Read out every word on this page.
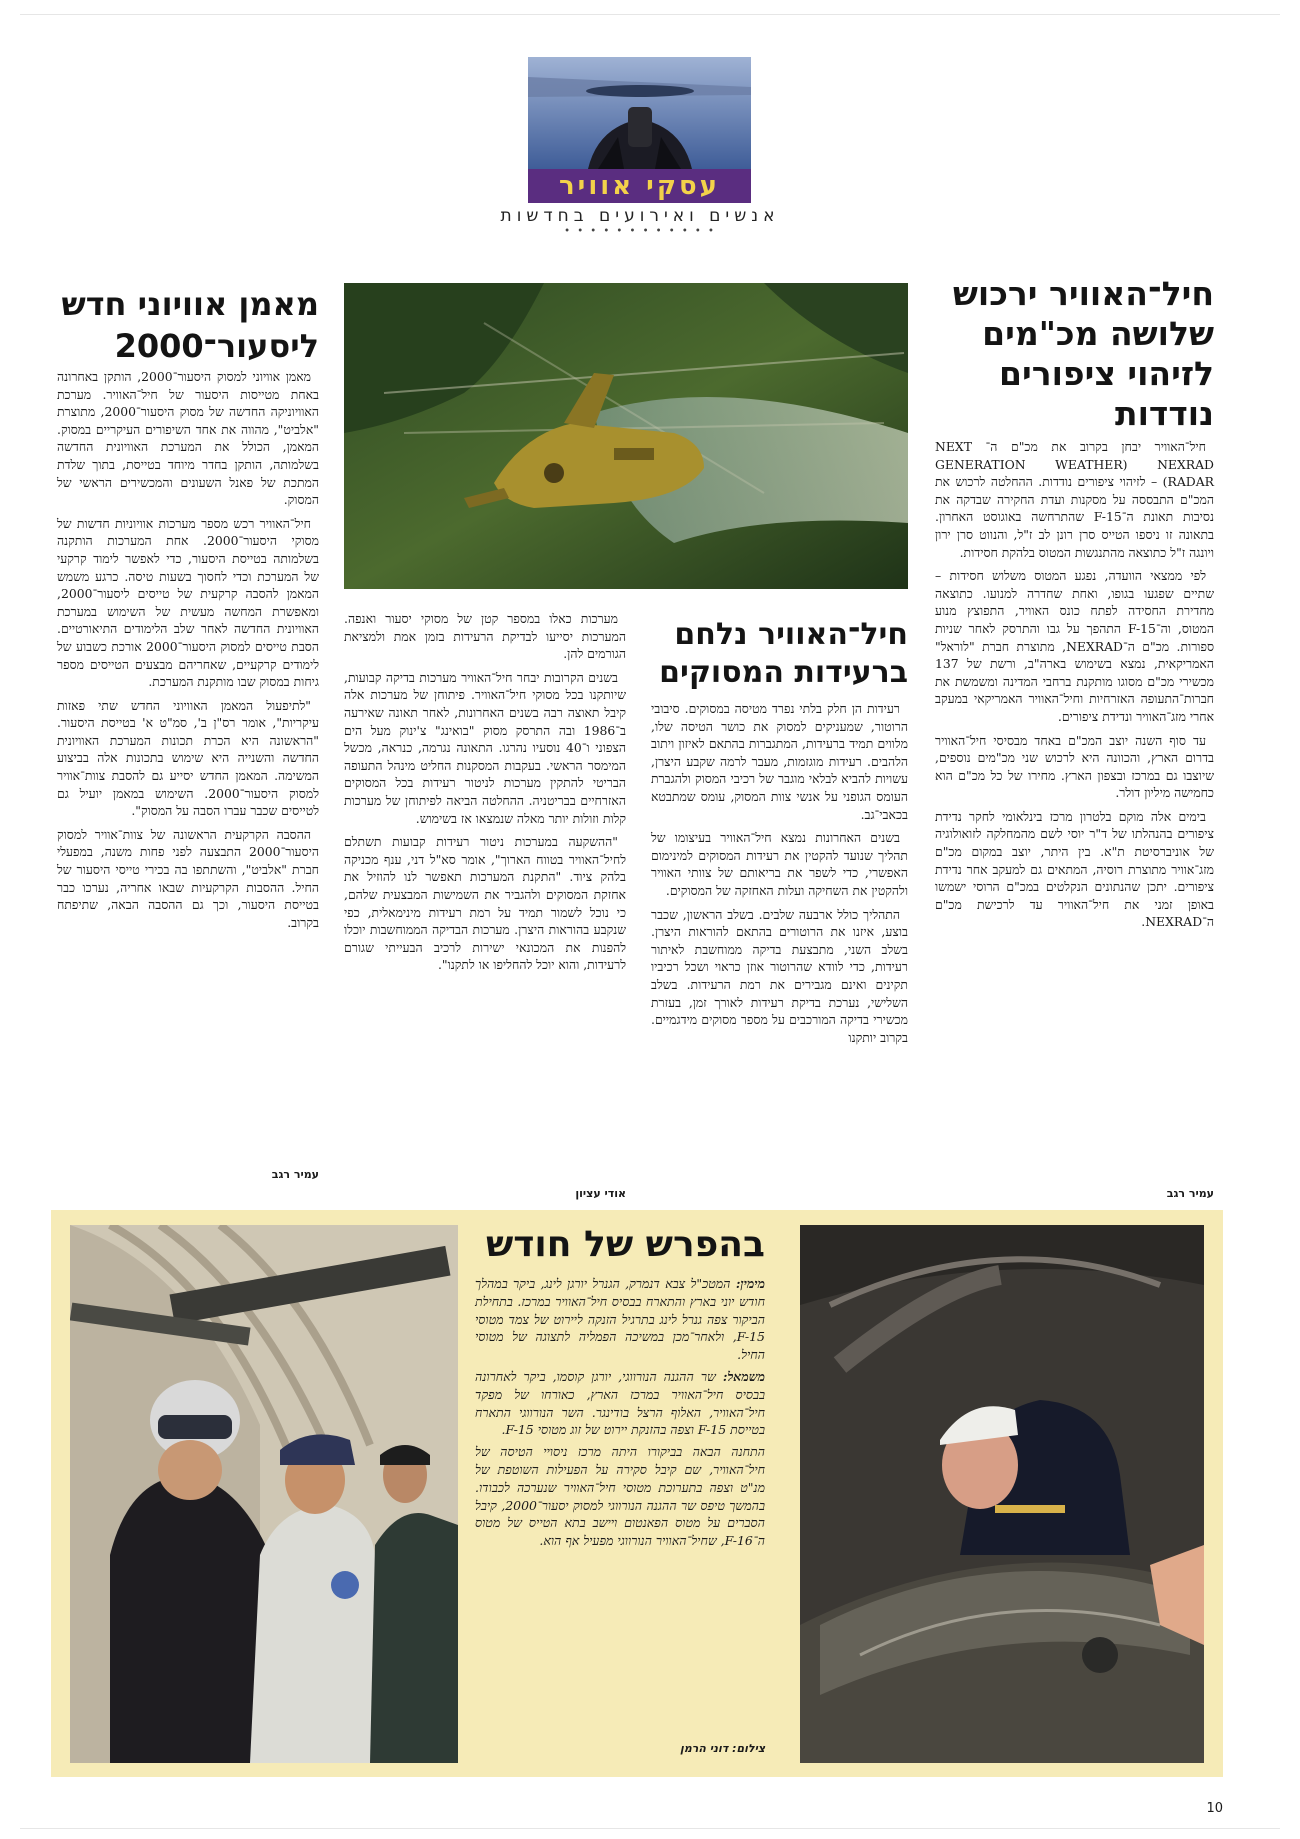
עסקי אוויר
אנשים ואירועים בחדשות
• • • • • • • • • • • •
חיל־האוויר ירכוש שלושה מכ"מים לזיהוי ציפורים נודדות

חיל־האוויר יבחן בקרוב את מכ"ם ה־ NEXT GENERATION WEATHER) NEXRAD RADAR) – לזיהוי ציפורים נודדות. ההחלטה לרכוש את המכ"ם התבססה על מסקנות ועדת החקירה שבדקה את נסיבות תאונת ה־F-15 שהתרחשה באוגוסט האחרון. בתאונה זו ניספו הטייס סרן רונן לב ז"ל, והנווט סרן ירון ויונגה ז"ל כתוצאה מהתנגשות המטוס בלהקת חסידות.

לפי ממצאי הוועדה, נפגע המטוס משלוש חסידות – שתיים שפגעו בגופו, ואחת שחדרה למנועו. כתוצאה מחדירת החסידה לפתח כונס האוויר, התפוצץ מנוע המטוס, וה־F-15 התהפך על גבו והתרסק לאחר שניות ספורות. מכ"ם ה־NEXRAD, מתוצרת חברת "לוראל" האמריקאית, נמצא בשימוש בארה"ב, ורשת של 137 מכשירי מכ"ם מסוגו מותקנת ברחבי המדינה ומשמשת את חברות־התעופה האזרחיות וחיל־האוויר האמריקאי במעקב אחרי מזג־האוויר ונדידת ציפורים.

עד סוף השנה יוצב המכ"ם באחד מבסיסי חיל־האוויר בדרום הארץ, והכוונה היא לרכוש שני מכ"מים נוספים, שיוצבו גם במרכז ובצפון הארץ. מחירו של כל מכ"ם הוא כחמישה מיליון דולר.

בימים אלה מוקם בלטרון מרכז בינלאומי לחקר נדידת ציפורים בהנהלתו של ד"ר יוסי לשם מהמחלקה לזואולוגיה של אוניברסיטת ת"א. בין היתר, יוצב במקום מכ"ם מזג־אוויר מתוצרת רוסיה, המתאים גם למעקב אחר נדידת ציפורים. יתכן שהנתונים הנקלטים במכ"ם הרוסי ישמשו באופן זמני את חיל־האוויר עד לרכישת מכ"ם ה־NEXRAD.

עמיר רגב
חיל־האוויר נלחם ברעידות המסוקים

רעידות הן חלק בלתי נפרד מטיסה במסוקים. סיבובי הרוטור, שמעניקים למסוק את כושר הטיסה שלו, מלווים תמיד ברעידות, המתגברות בהתאם לאיזון ויתוב הלהבים. רעידות מוגזמות, מעבר לרמה שקבע היצרן, עשויות להביא לבלאי מוגבר של רכיבי המסוק ולהגברת העומס הגופני על אנשי צוות המסוק, עומס שמתבטא בכאבי־גב.

בשנים האחרונות נמצא חיל־האוויר בעיצומו של תהליך שנועד להקטין את רעידות המסוקים למינימום האפשרי, כדי לשפר את בריאותם של צוותי האוויר ולהקטין את השחיקה ועלות האחזקה של המסוקים.

התהליך כולל ארבעה שלבים. בשלב הראשון, שכבר בוצע, איזנו את הרוטורים בהתאם להוראות היצרן. בשלב השני, מתבצעת בדיקה ממוחשבת לאיתור רעידות, כדי לוודא שהרוטור אוזן כראוי ושכל רכיביו תקינים ואינם מגבירים את רמת הרעידות. בשלב השלישי, נערכת בדיקת רעידות לאורך זמן, בעזרת מכשירי בדיקה המורכבים על מספר מסוקים מידגמיים. בקרוב יותקנו

מערכות כאלו במספר קטן של מסוקי יסעור ואנפה. המערכות יסייעו לבדיקת הרעידות בזמן אמת ולמציאת הגורמים להן.

בשנים הקרובות יבחר חיל־האוויר מערכות בדיקה קבועות, שיותקנו בכל מסוקי חיל־האוויר. פיתוחן של מערכות אלה קיבל תאוצה רבה בשנים האחרונות, לאחר תאונה שאירעה ב־1986 ובה התרסק מסוק "בואינג" צ'ינוק מעל הים הצפוני ו־40 נוסעיו נהרגו. התאונה נגרמה, כנראה, מכשל המימסר הראשי. בעקבות המסקנות החליט מינהל התעופה הבריטי להתקין מערכות לניטור רעידות בכל המסוקים האזרחיים בבריטניה. ההחלטה הביאה לפיתוחן של מערכות קלות וזולות יותר מאלה שנמצאו אז בשימוש.

"ההשקעה במערכות ניטור רעידות קבועות תשתלם לחיל־האוויר בטווח הארוך", אומר סא"ל דני, ענף מכניקה בלהק ציוד. "התקנת המערכות תאפשר לנו להוזיל את אחזקת המסוקים ולהגביר את השמישות המבצעית שלהם, כי נוכל לשמור תמיד על רמת רעידות מינימאלית, כפי שנקבע בהוראות היצרן. מערכות הבדיקה הממוחשבות יוכלו להפנות את המכונאי ישירות לרכיב הבעייתי שגורם לרעידות, והוא יוכל להחליפו או לתקנו".

אודי עציון
מאמן אוויוני חדש ליסעור־2000

מאמן אוויוני למסוק היסעור־2000, הותקן באחרונה באחת מטייסות היסעור של חיל־האוויר. מערכת האוויוניקה החדשה של מסוק היסעור־2000, מתוצרת "אלביט", מהווה את אחד השיפורים העיקריים במסוק. המאמן, הכולל את המערכת האוויונית החדשה בשלמותה, הותקן בחדר מיוחד בטייסת, בתוך שלדת המתכת של פאנל השעונים והמכשירים הראשי של המסוק.

חיל־האוויר רכש מספר מערכות אוויוניות חדשות של מסוקי היסעור־2000. אחת המערכות הותקנה בשלמותה בטייסת היסעור, כדי לאפשר לימוד קרקעי של המערכת וכדי לחסוך בשעות טיסה. כרגע משמש המאמן להסבה קרקעית של טייסים ליסעור־2000, ומאפשרת המחשה מעשית של השימוש במערכת האוויונית החדשה לאחר שלב הלימודים התיאורטיים. הסבת טייסים למסוק היסעור־2000 אורכת כשבוע של לימודים קרקעיים, שאחריהם מבצעים הטייסים מספר גיחות במסוק שבו מותקנת המערכת.

"לתיפעול המאמן האוויוני החדש שתי פאזות עיקריות", אומר רס"ן ב', סמ"ט א' בטייסת היסעור. "הראשונה היא הכרת תכונות המערכת האוויונית החדשה והשנייה היא שימוש בתכונות אלה בביצוע המשימה. המאמן החדש יסייע גם להסבת צוות־אוויר למסוק היסעור־2000. השימוש במאמן יועיל גם לטייסים שכבר עברו הסבה על המסוק".

ההסבה הקרקעית הראשונה של צוות־אוויר למסוק היסעור־2000 התבצעה לפני פחות משנה, במפעלי חברת "אלביט", והשתתפו בה בכירי טייסי היסעור של החיל. ההסבות הקרקעיות שבאו אחריה, נערכו כבר בטייסת היסעור, וכך גם ההסבה הבאה, שתיפתח בקרוב.

עמיר רגב
בהפרש של חודש

מימין: המטכ"ל צבא דנמרק, הגנרל יורגן לינג, ביקר במהלך חודש יוני בארץ והתארח בבסיס חיל־האוויר במרכז. בתחילת הביקור צפה גנרל לינג בתרגיל הזנקה ליירוט של צמד מטוסי F-15, ולאחר־מכן במשיכה הפמליה לתצוגה של מטוסי החיל.

משמאל: שר ההגנה הנורווגי, יורגן קוסמו, ביקר לאחרונה בבסיס חיל־האוויר במרכז הארץ, כאורחו של מפקד חיל־האוויר, האלוף הרצל בודינגר. השר הנורווגי התארח בטייסת F-15 וצפה בהזנקת יירוט של זוג מטוסי F-15.

התחנה הבאה בביקורו היתה מרכז ניסויי הטיסה של חיל־האוויר, שם קיבל סקירה על הפעילות השוטפת של מנ"ט וצפה בתערוכת מטוסי חיל־האוויר שנערכה לכבודו. בהמשך טיפס שר ההגנה הנורווגי למסוק יסעור־2000, קיבל הסברים על מטוס הפאנטום ויישב בתא הטייס של מטוס ה־F-16, שחיל־האוויר הנורווגי מפעיל אף הוא.

צילום: דוני הרמן
10
